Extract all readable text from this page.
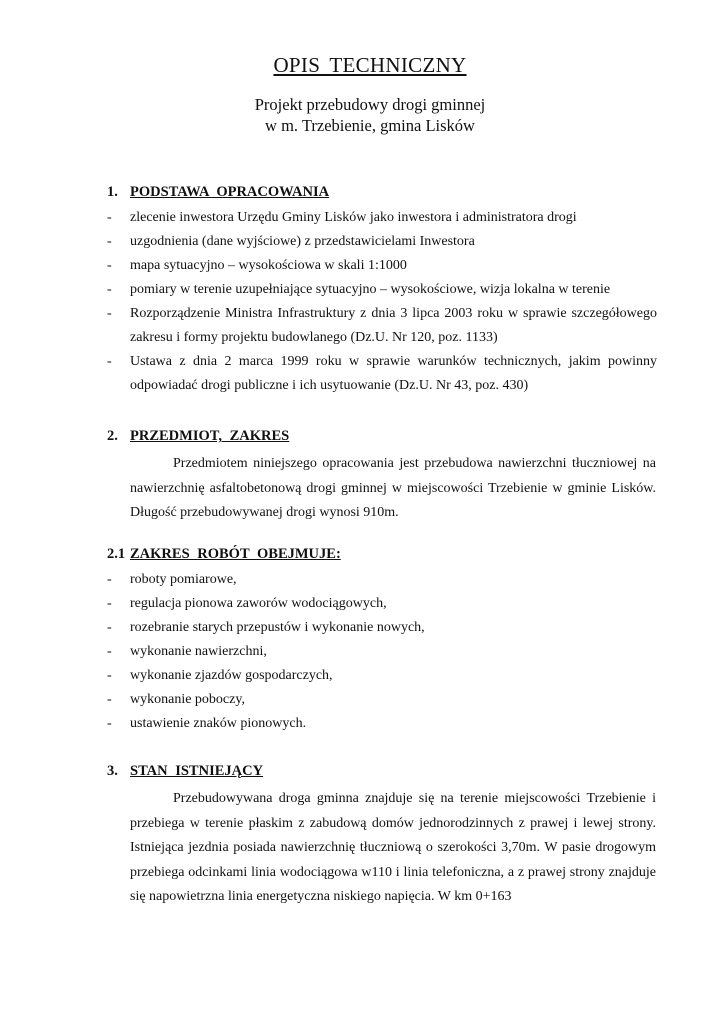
OPIS TECHNICZNY
Projekt przebudowy drogi gminnej
w m. Trzebienie, gmina Lisków
1. PODSTAWA OPRACOWANIA
- zlecenie inwestora Urzędu Gminy Lisków jako inwestora i administratora drogi
- uzgodnienia (dane wyjściowe) z przedstawicielami Inwestora
- mapa sytuacyjno – wysokościowa w skali 1:1000
- pomiary w terenie uzupełniające sytuacyjno – wysokościowe, wizja lokalna w terenie
- Rozporządzenie Ministra Infrastruktury z dnia 3 lipca 2003 roku w sprawie szczegółowego zakresu i formy projektu budowlanego (Dz.U. Nr 120, poz. 1133)
- Ustawa z dnia 2 marca 1999 roku w sprawie warunków technicznych, jakim powinny odpowiadać drogi publiczne i ich usytuowanie (Dz.U. Nr 43, poz. 430)
2. PRZEDMIOT, ZAKRES

Przedmiotem niniejszego opracowania jest przebudowa nawierzchni tłuczniowej na nawierzchnię asfaltobetonową drogi gminnej w miejscowości Trzebienie w gminie Lisków. Długość przebudowywanej drogi wynosi 910m.

2.1 ZAKRES ROBÓT OBEJMUJE:
- roboty pomiarowe,
- regulacja pionowa zaworów wodociągowych,
- rozebranie starych przepustów i wykonanie nowych,
- wykonanie nawierzchni,
- wykonanie zjazdów gospodarczych,
- wykonanie poboczy,
- ustawienie znaków pionowych.
3. STAN ISTNIEJĄCY

Przebudowywana droga gminna znajduje się na terenie miejscowości Trzebienie i przebiega w terenie płaskim z zabudową domów jednorodzinnych z prawej i lewej strony. Istniejąca jezdnia posiada nawierzchnię tłuczniową o szerokości 3,70m. W pasie drogowym przebiega odcinkami linia wodociągowa w110 i linia telefoniczna, a z prawej strony znajduje się napowietrzna linia energetyczna niskiego napięcia. W km 0+163
